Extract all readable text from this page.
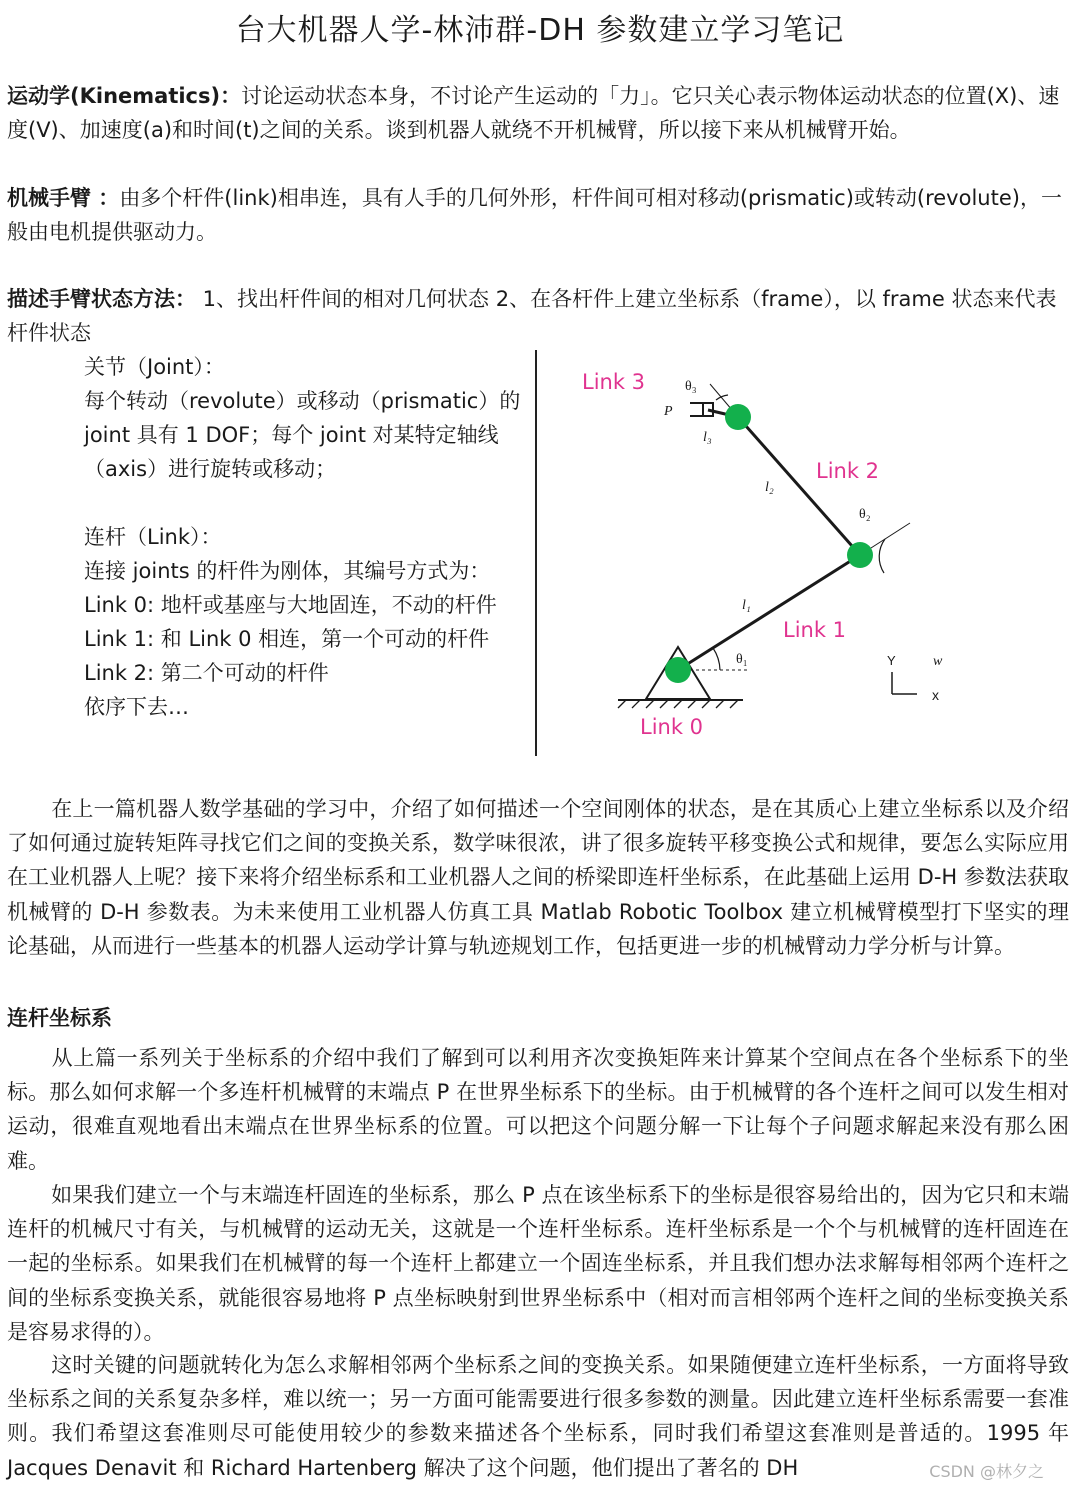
台大机器人学-林沛群-DH 参数建立学习笔记
运动学(Kinematics)：讨论运动状态本身，不讨论产生运动的「力」。它只关心表示物体运动状态的位置(X)、速度(V)、加速度(a)和时间(t)之间的关系。谈到机器人就绕不开机械臂，所以接下来从机械臂开始。
机械手臂 ：由多个杆件(link)相串连，具有人手的几何外形，杆件间可相对移动(prismatic)或转动(revolute)，一般由电机提供驱动力。
描述手臂状态方法： 1、找出杆件间的相对几何状态 2、在各杆件上建立坐标系（frame），以 frame 状态来代表杆件状态
关节（Joint）：
每个转动（revolute）或移动（prismatic）的 joint 具有 1 DOF；每个 joint 对某特定轴线（axis）进行旋转或移动；
连杆（Link）：
连接 joints 的杆件为刚体，其编号方式为：
Link 0: 地杆或基座与大地固连，不动的杆件
Link 1: 和 Link 0 相连，第一个可动的杆件
Link 2: 第二个可动的杆件
依序下去…
θ₃
P
l₃
l₂
θ₂
l₁
θ₁	Y	w
x
Link 3
Link 2
Link 1
Link 0
在上一篇机器人数学基础的学习中，介绍了如何描述一个空间刚体的状态，是在其质心上建立坐标系以及介绍了如何通过旋转矩阵寻找它们之间的变换关系，数学味很浓，讲了很多旋转平移变换公式和规律，要怎么实际应用在工业机器人上呢？接下来将介绍坐标系和工业机器人之间的桥梁即连杆坐标系，在此基础上运用 D-H 参数法获取机械臂的 D-H 参数表。为未来使用工业机器人仿真工具 Matlab Robotic Toolbox 建立机械臂模型打下坚实的理论基础，从而进行一些基本的机器人运动学计算与轨迹规划工作，包括更进一步的机械臂动力学分析与计算。
连杆坐标系
从上篇一系列关于坐标系的介绍中我们了解到可以利用齐次变换矩阵来计算某个空间点在各个坐标系下的坐标。那么如何求解一个多连杆机械臂的末端点 P 在世界坐标系下的坐标。由于机械臂的各个连杆之间可以发生相对运动，很难直观地看出末端点在世界坐标系的位置。可以把这个问题分解一下让每个子问题求解起来没有那么困难。
如果我们建立一个与末端连杆固连的坐标系，那么 P 点在该坐标系下的坐标是很容易给出的，因为它只和末端连杆的机械尺寸有关，与机械臂的运动无关，这就是一个连杆坐标系。连杆坐标系是一个个与机械臂的连杆固连在一起的坐标系。如果我们在机械臂的每一个连杆上都建立一个固连坐标系，并且我们想办法求解每相邻两个连杆之间的坐标系变换关系，就能很容易地将 P 点坐标映射到世界坐标系中（相对而言相邻两个连杆之间的坐标变换关系是容易求得的）。
这时关键的问题就转化为怎么求解相邻两个坐标系之间的变换关系。如果随便建立连杆坐标系，一方面将导致坐标系之间的关系复杂多样，难以统一；另一方面可能需要进行很多参数的测量。因此建立连杆坐标系需要一套准则。我们希望这套准则尽可能使用较少的参数来描述各个坐标系，同时我们希望这套准则是普适的。1995 年 Jacques Denavit 和 Richard Hartenberg 解决了这个问题，他们提出了著名的 DH	CSDN @林夕之
